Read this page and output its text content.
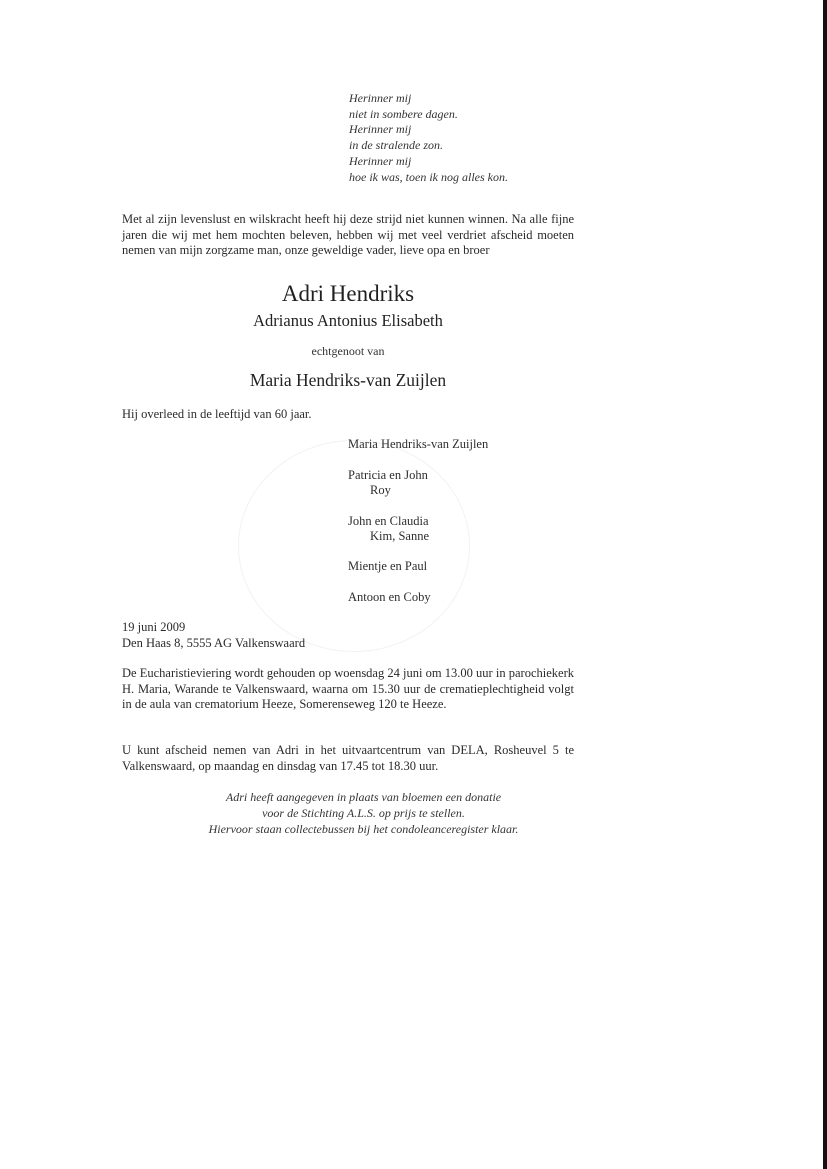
Herinner mij
niet in sombere dagen.
Herinner mij
in de stralende zon.
Herinner mij
hoe ik was, toen ik nog alles kon.
Met al zijn levenslust en wilskracht heeft hij deze strijd niet kunnen winnen. Na alle fijne jaren die wij met hem mochten beleven, hebben wij met veel verdriet afscheid moeten nemen van mijn zorgzame man, onze geweldige vader, lieve opa en broer
Adri Hendriks
Adrianus Antonius Elisabeth
echtgenoot van
Maria Hendriks-van Zuijlen
Hij overleed in de leeftijd van 60 jaar.
Maria Hendriks-van Zuijlen
Patricia en John
Roy
John en Claudia
Kim, Sanne
Mientje en Paul
Antoon en Coby
19 juni 2009
Den Haas 8, 5555 AG Valkenswaard
De Eucharistieviering wordt gehouden op woensdag 24 juni om 13.00 uur in parochiekerk H. Maria, Warande te Valkenswaard, waarna om 15.30 uur de crematieplechtigheid volgt in de aula van crematorium Heeze, Somerenseweg 120 te Heeze.
U kunt afscheid nemen van Adri in het uitvaartcentrum van DELA, Rosheuvel 5 te Valkenswaard, op maandag en dinsdag van 17.45 tot 18.30 uur.
Adri heeft aangegeven in plaats van bloemen een donatie
voor de Stichting A.L.S. op prijs te stellen.
Hiervoor staan collectebussen bij het condoleanceregister klaar.
